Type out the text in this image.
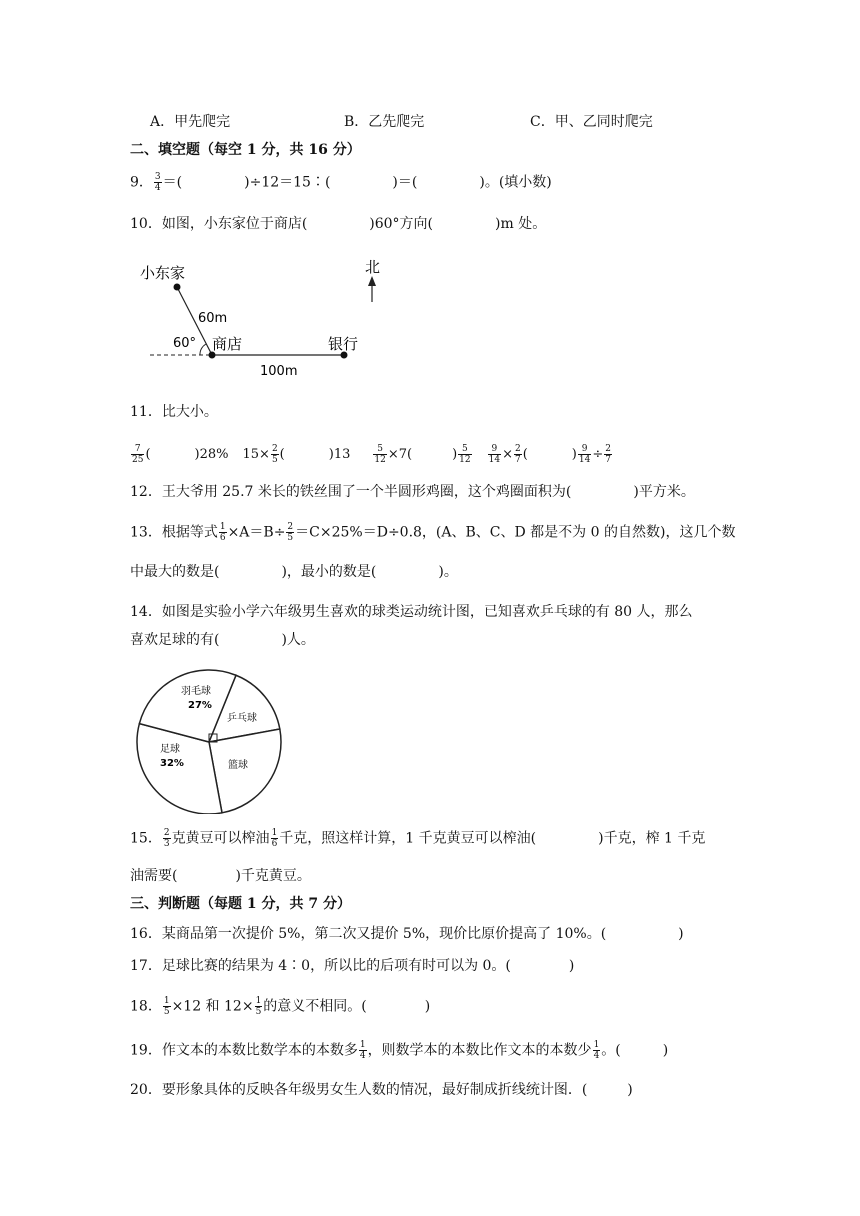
A．甲先爬完	B．乙先爬完	C．甲、乙同时爬完
二、填空题（每空 1 分，共 16 分）
9． $\frac{3}{4}$ ＝(	)÷12＝15∶(	)＝(	)。(填小数)
10．如图，小东家位于商店(	)60°方向(	)m 处。
小东家
60m
60° 商店	银行
100m
北
11．比大小。
$\frac{7}{25}$ (	)28% $15\times \frac{2}{5}$ (	)13	$\frac{5}{12} \times 7$(	) $\frac{5}{12} \frac{9}{14} \times \frac{2}{7}$ (	) $\frac{9}{14} \div \frac{2}{7}$
12．王大爷用 25.7 米长的铁丝围了一个半圆形鸡圈，这个鸡圈面积为(	)平方米。
13．根据等式 $\frac{1}{6} \times A=B\div \frac{2}{5} =C\times 25\%=D\div 0.8$，(A、B、C、D 都是不为 0 的自然数)，这几个数
中最大的数是(	)，最小的数是(	)。
14．如图是实验小学六年级男生喜欢的球类运动统计图，已知喜欢乒乓球的有 80 人，那么
喜欢足球的有(	)人。
羽毛球
27%
乒乓球
足球
32%	篮球
15． $\frac{2}{3}$ 克黄豆可以榨油 $\frac{1}{6}$ 千克，照这样计算，1 千克黄豆可以榨油(	)千克，榨 1 千克
油需要(	)千克黄豆。
三、判断题（每题 1 分，共 7 分）
16．某商品第一次提价 5%，第二次又提价 5%，现价比原价提高了 10%。(	)
17．足球比赛的结果为 4∶0，所以比的后项有时可以为 0。(	)
18． $\frac{1}{5} \times 12$ 和 $12\times \frac{1}{5}$ 的意义不相同。(	)
19．作文本的本数比数学本的本数多 $\frac{1}{4}$ ，则数学本的本数比作文本的本数少 $\frac{1}{4}$ 。(	)
20．要形象具体的反映各年级男女生人数的情况，最好制成折线统计图．(	)
